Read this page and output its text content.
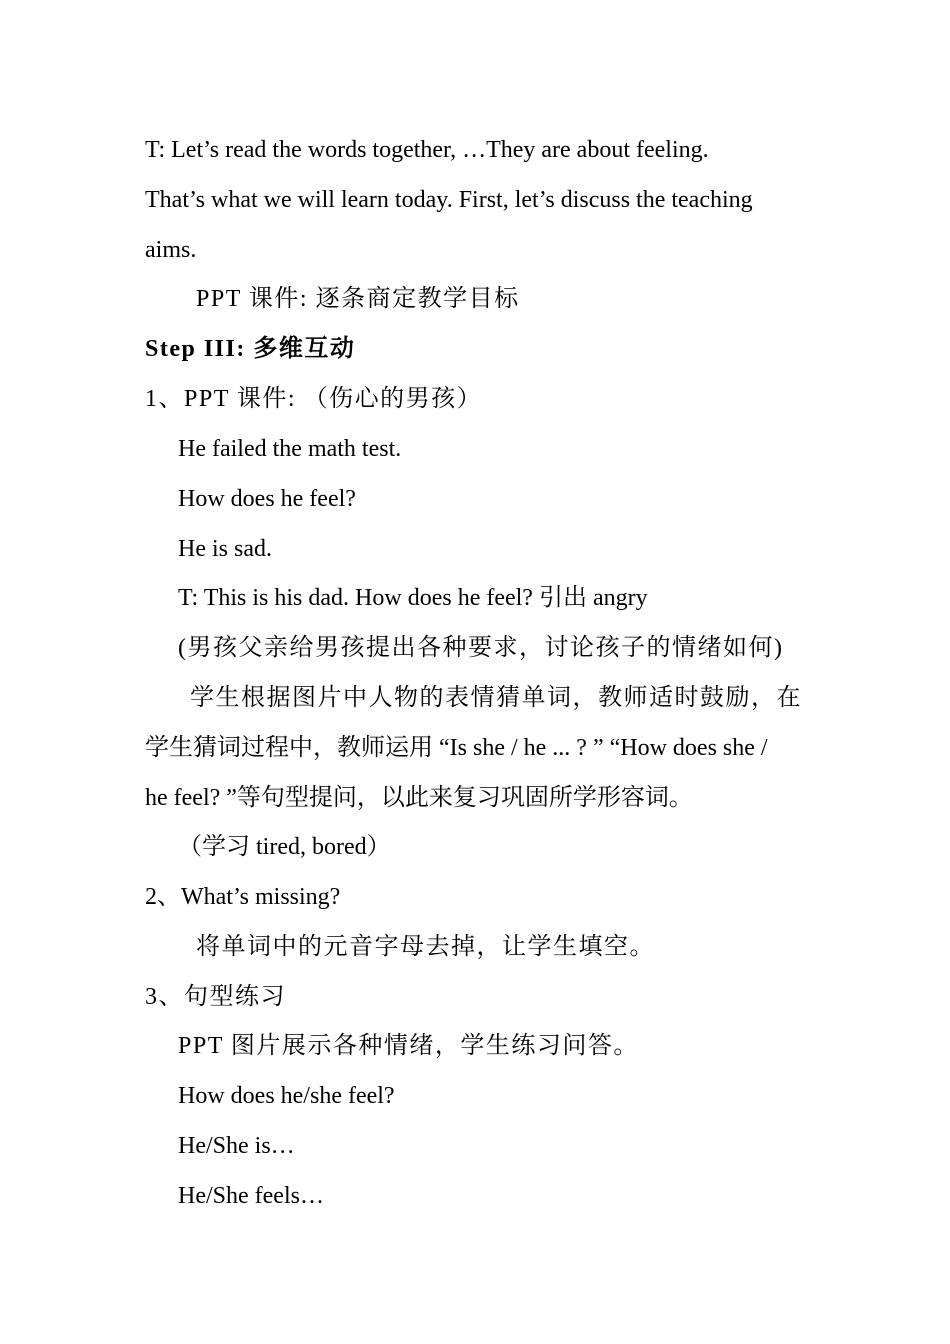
T: Let’s read the words together, …They are about feeling.
That’s what we will learn today. First, let’s discuss the teaching
aims.
PPT 课件: 逐条商定教学目标
Step III: 多维互动
1、PPT 课件: （伤心的男孩）
He failed the math test.
How does he feel?
He is sad.
T: This is his dad. How does he feel? 引出 angry
(男孩父亲给男孩提出各种要求，讨论孩子的情绪如何)
学生根据图片中人物的表情猜单词，教师适时鼓励，在
学生猜词过程中，教师运用 “Is she / he ... ? ” “How does she /
he feel? ”等句型提问，以此来复习巩固所学形容词。
（学习 tired, bored）
2、What’s missing?
将单词中的元音字母去掉，让学生填空。
3、句型练习
PPT 图片展示各种情绪，学生练习问答。
How does he/she feel?
He/She is…
He/She feels…
